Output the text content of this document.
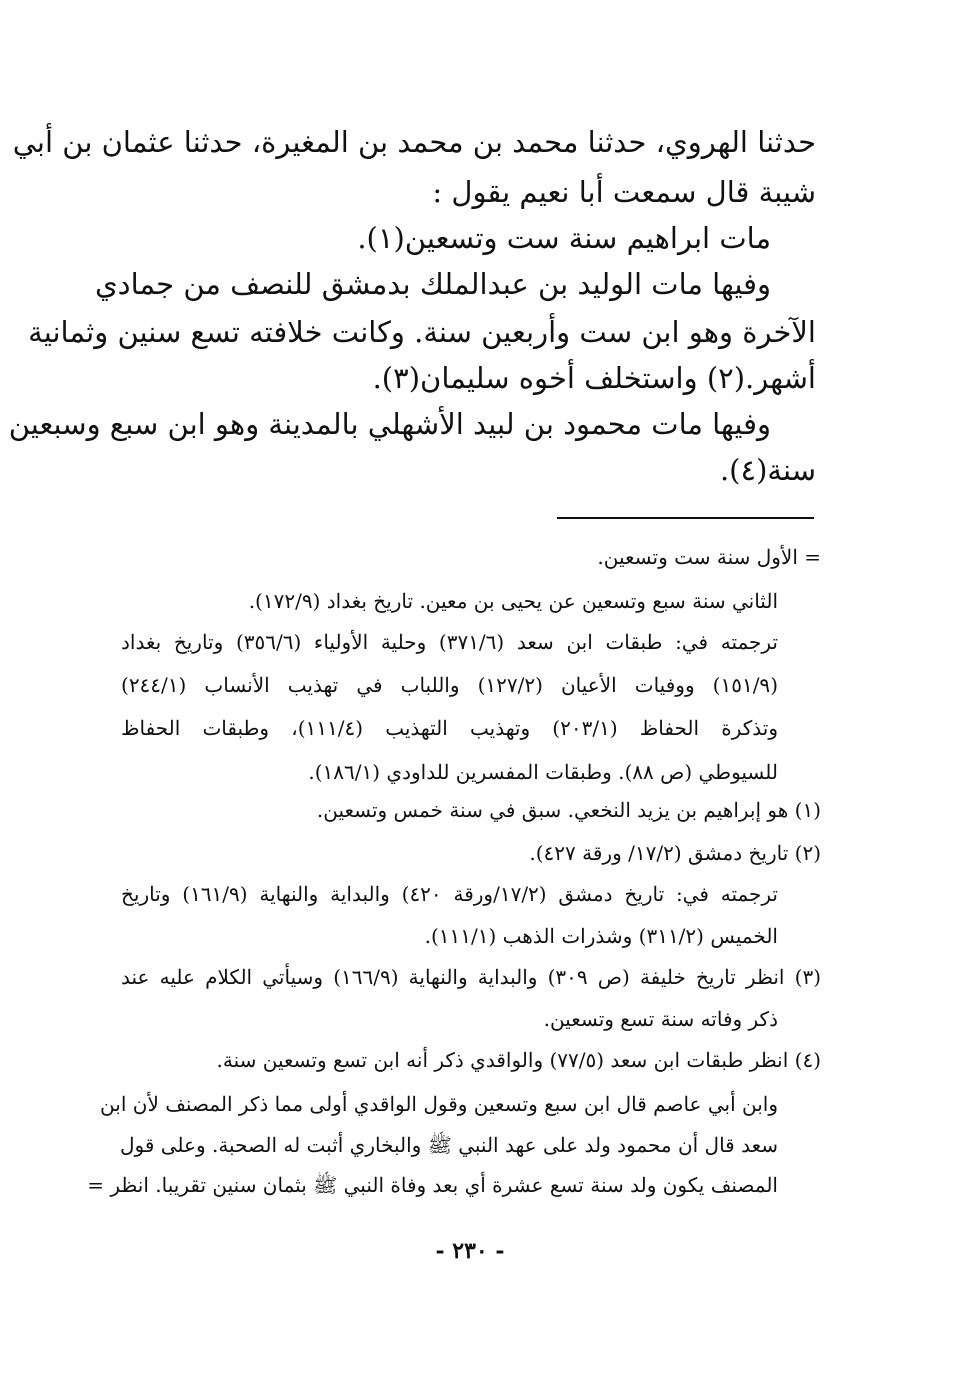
حدثنا الهروي، حدثنا محمد بن محمد بن المغيرة، حدثنا عثمان بن أبي
شيبة قال سمعت أبا نعيم يقول :
مات ابراهيم سنة ست وتسعين(١).
وفيها مات الوليد بن عبدالملك بدمشق للنصف من جمادي
الآخرة وهو ابن ست وأربعين سنة. وكانت خلافته تسع سنين وثمانية
أشهر.(٢) واستخلف أخوه سليمان(٣).
وفيها مات محمود بن لبيد الأشهلي بالمدينة وهو ابن سبع وسبعين
سنة(٤).
= الأول سنة ست وتسعين.
الثاني سنة سبع وتسعين عن يحيى بن معين. تاريخ بغداد (١٧٢/٩).
ترجمته في: طبقات ابن سعد (٣٧١/٦) وحلية الأولياء (٣٥٦/٦) وتاريخ بغداد
(١٥١/٩) ووفيات الأعيان (١٢٧/٢) واللباب في تهذيب الأنساب (٢٤٤/١)
وتذكرة الحفاظ (٢٠٣/١) وتهذيب التهذيب (١١١/٤)، وطبقات الحفاظ
للسيوطي (ص ٨٨). وطبقات المفسرين للداودي (١٨٦/١).
(١) هو إبراهيم بن يزيد النخعي. سبق في سنة خمس وتسعين.
(٢) تاريخ دمشق (١٧/٢/ ورقة ٤٢٧).
ترجمته في: تاريخ دمشق (١٧/٢/ورقة ٤٢٠) والبداية والنهاية (١٦١/٩) وتاريخ
الخميس (٣١١/٢) وشذرات الذهب (١١١/١).
(٣) انظر تاريخ خليفة (ص ٣٠٩) والبداية والنهاية (١٦٦/٩) وسيأتي الكلام عليه عند
ذكر وفاته سنة تسع وتسعين.
(٤) انظر طبقات ابن سعد (٧٧/٥) والواقدي ذكر أنه ابن تسع وتسعين سنة.
وابن أبي عاصم قال ابن سبع وتسعين وقول الواقدي أولى مما ذكر المصنف لأن ابن
سعد قال أن محمود ولد على عهد النبي ﷺ والبخاري أثبت له الصحبة. وعلى قول
المصنف يكون ولد سنة تسع عشرة أي بعد وفاة النبي ﷺ بثمان سنين تقريبا. انظر =
- ٢٣٠ -
